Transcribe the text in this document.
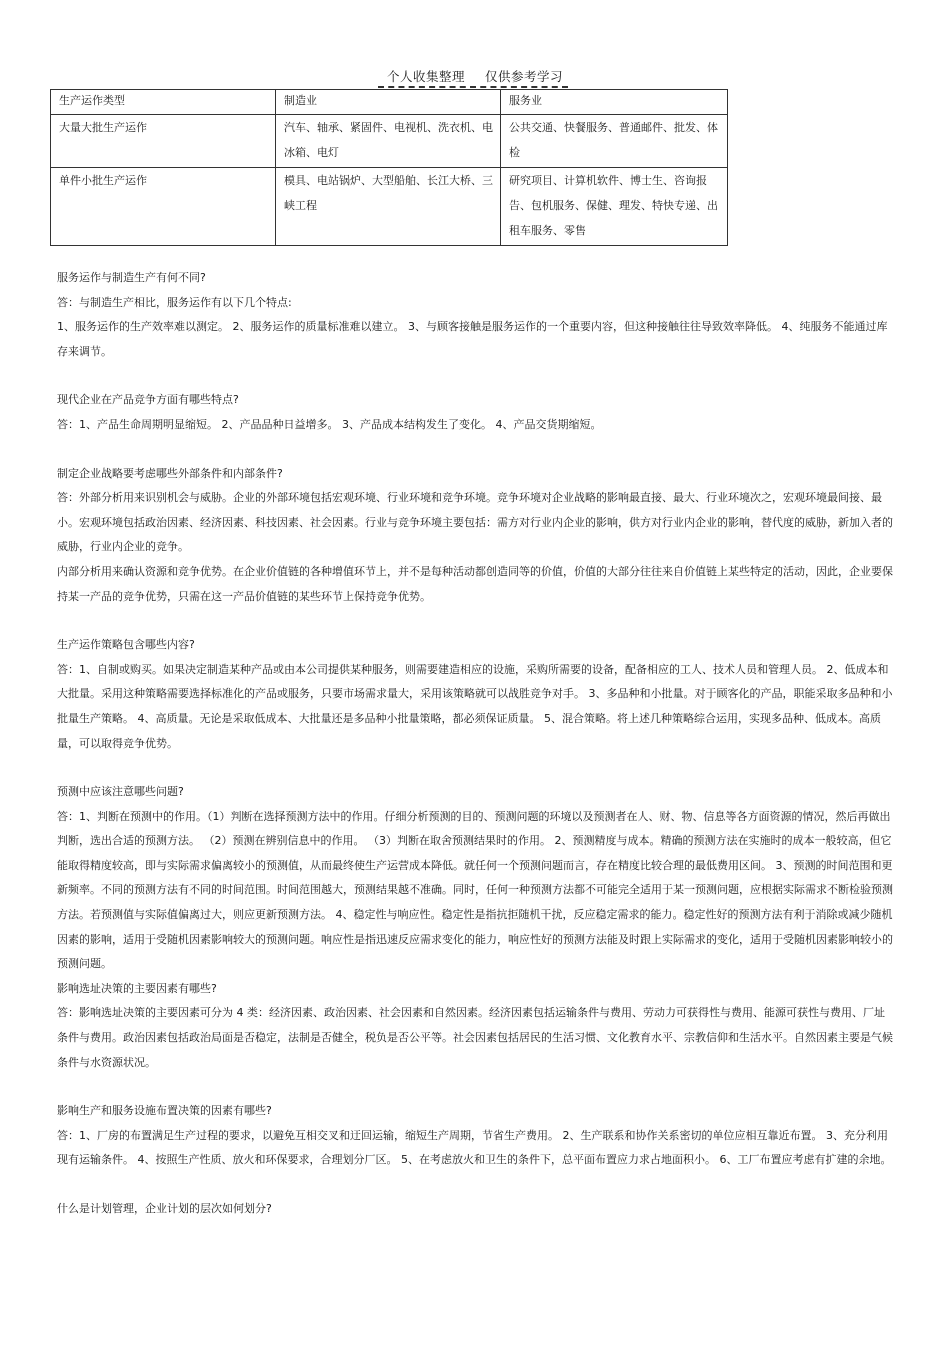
个人收集整理 仅供参考学习
生产运作类型	制造业	服务业
大量大批生产运作	汽车、轴承、紧固件、电视机、洗衣机、电冰箱、电灯	公共交通、快餐服务、普通邮件、批发、体检
单件小批生产运作	模具、电站锅炉、大型船舶、长江大桥、三峡工程	研究项目、计算机软件、博士生、咨询报告、包机服务、保健、理发、特快专递、出租车服务、零售

服务运作与制造生产有何不同?

答：与制造生产相比，服务运作有以下几个特点:

1、服务运作的生产效率难以测定。 2、服务运作的质量标准难以建立。 3、与顾客接触是服务运作的一个重要内容，但这种接触往往导致效率降低。 4、纯服务不能通过库存来调节。

现代企业在产品竞争方面有哪些特点?

答：1、产品生命周期明显缩短。 2、产品品种日益增多。 3、产品成本结构发生了变化。 4、产品交货期缩短。

制定企业战略要考虑哪些外部条件和内部条件?

答：外部分析用来识别机会与威胁。企业的外部环境包括宏观环境、行业环境和竞争环境。竞争环境对企业战略的影响最直接、最大、行业环境次之，宏观环境最间接、最小。宏观环境包括政治因素、经济因素、科技因素、社会因素。行业与竞争环境主要包括：需方对行业内企业的影响，供方对行业内企业的影响，替代度的威胁，新加入者的威胁，行业内企业的竞争。

内部分析用来确认资源和竞争优势。在企业价值链的各种增值环节上，并不是每种活动都创造同等的价值，价值的大部分往往来自价值链上某些特定的活动，因此，企业要保持某一产品的竞争优势，只需在这一产品价值链的某些环节上保持竞争优势。

生产运作策略包含哪些内容?

答：1、自制或购买。如果决定制造某种产品或由本公司提供某种服务，则需要建造相应的设施，采购所需要的设备，配备相应的工人、技术人员和管理人员。 2、低成本和大批量。采用这种策略需要选择标准化的产品或服务，只要市场需求量大，采用该策略就可以战胜竞争对手。 3、多品种和小批量。对于顾客化的产品，职能采取多品种和小批量生产策略。 4、高质量。无论是采取低成本、大批量还是多品种小批量策略，都必须保证质量。 5、混合策略。将上述几种策略综合运用，实现多品种、低成本。高质量，可以取得竞争优势。

预测中应该注意哪些问题?

答：1、判断在预测中的作用。（1）判断在选择预测方法中的作用。仔细分析预测的目的、预测问题的环境以及预测者在人、财、物、信息等各方面资源的情况，然后再做出判断，选出合适的预测方法。 （2）预测在辨别信息中的作用。 （3）判断在取舍预测结果时的作用。 2、预测精度与成本。精确的预测方法在实施时的成本一般较高，但它能取得精度较高，即与实际需求偏离较小的预测值，从而最终使生产运营成本降低。就任何一个预测问题而言，存在精度比较合理的最低费用区间。 3、预测的时间范围和更新频率。不同的预测方法有不同的时间范围。时间范围越大，预测结果越不准确。同时，任何一种预测方法都不可能完全适用于某一预测问题，应根据实际需求不断检验预测方法。若预测值与实际值偏离过大，则应更新预测方法。 4、稳定性与响应性。稳定性是指抗拒随机干扰，反应稳定需求的能力。稳定性好的预测方法有利于消除或减少随机因素的影响，适用于受随机因素影响较大的预测问题。响应性是指迅速反应需求变化的能力，响应性好的预测方法能及时跟上实际需求的变化，适用于受随机因素影响较小的预测问题。

影响选址决策的主要因素有哪些?

答：影响选址决策的主要因素可分为 4 类：经济因素、政治因素、社会因素和自然因素。经济因素包括运输条件与费用、劳动力可获得性与费用、能源可获性与费用、厂址条件与费用。政治因素包括政治局面是否稳定，法制是否健全，税负是否公平等。社会因素包括居民的生活习惯、文化教育水平、宗教信仰和生活水平。自然因素主要是气候条件与水资源状况。

影响生产和服务设施布置决策的因素有哪些?

答：1、厂房的布置满足生产过程的要求，以避免互相交叉和迂回运输，缩短生产周期，节省生产费用。 2、生产联系和协作关系密切的单位应相互靠近布置。 3、充分利用现有运输条件。 4、按照生产性质、放火和环保要求，合理划分厂区。 5、在考虑放火和卫生的条件下，总平面布置应力求占地面积小。 6、工厂布置应考虑有扩建的余地。

什么是计划管理，企业计划的层次如何划分?
